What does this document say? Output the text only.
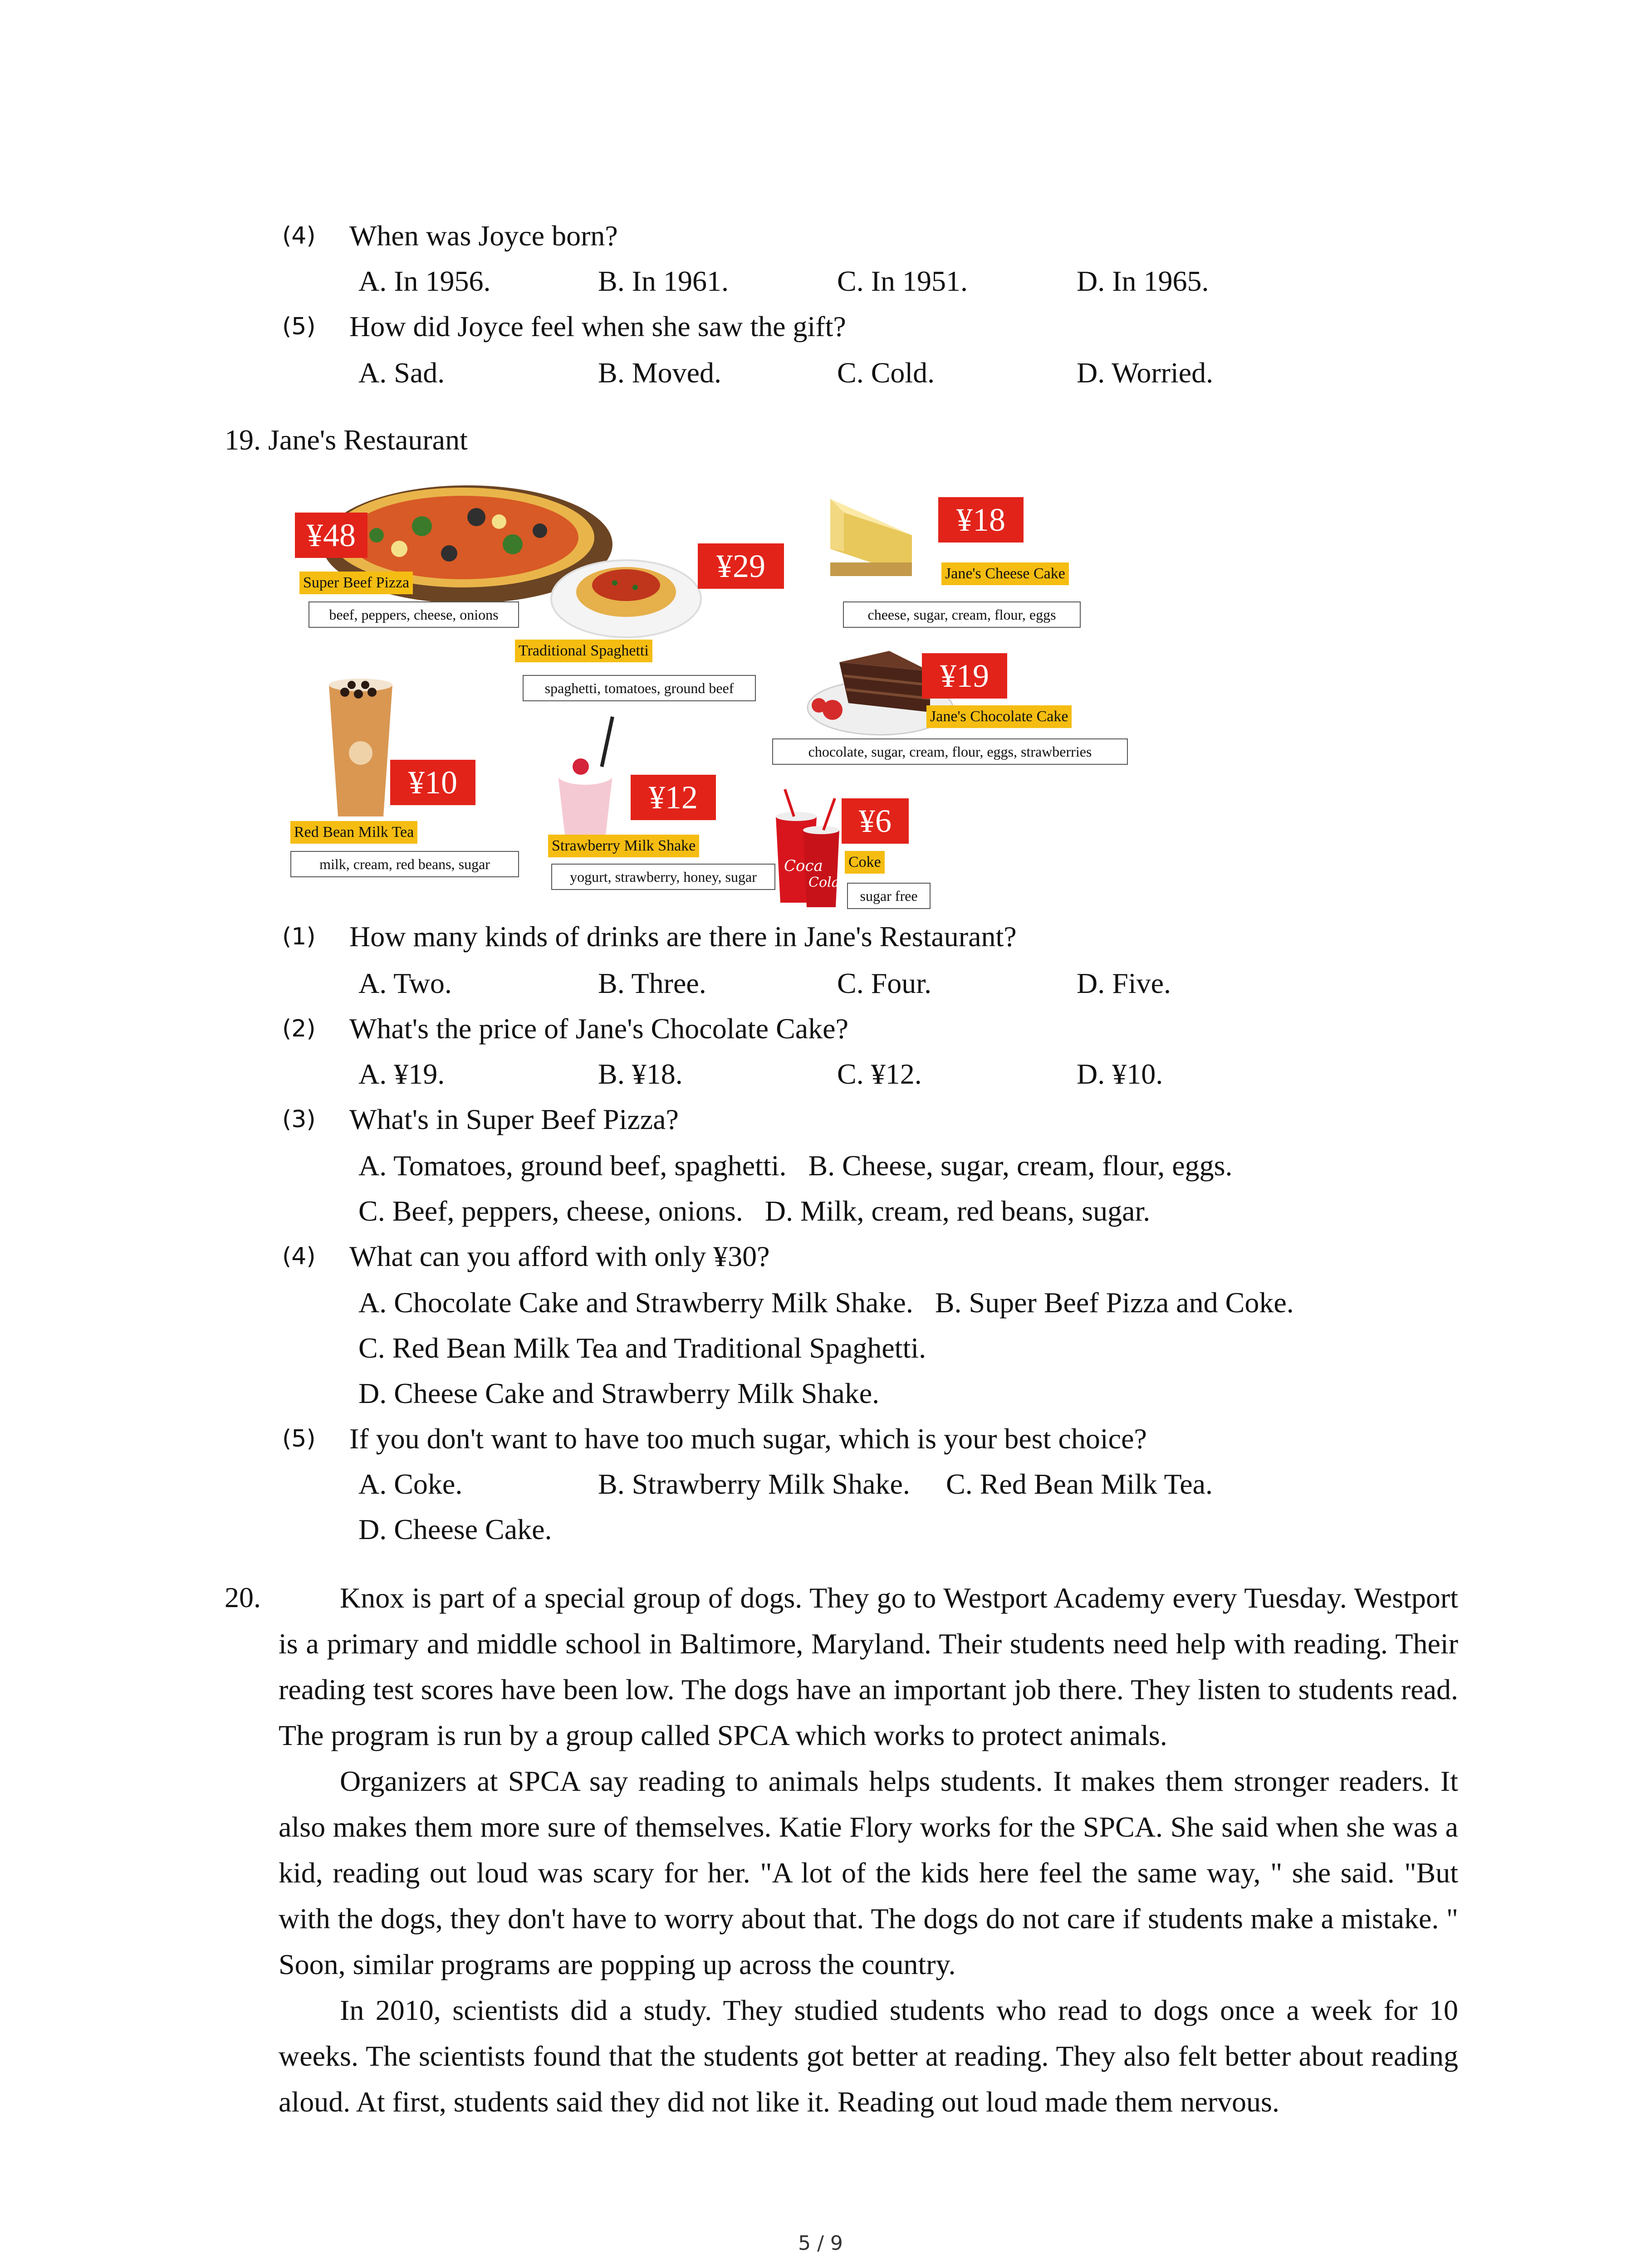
(4) When was Joyce born?
A. In 1956.	B. In 1961.	C. In 1951.	D. In 1965.
(5) How did Joyce feel when she saw the gift?
A. Sad.	B. Moved.	C. Cold.	D. Worried.
19. Jane's Restaurant
Coca
Cola
¥48
Super Beef Pizza
beef, peppers, cheese, onions
¥29
Traditional Spaghetti
spaghetti, tomatoes, ground beef
¥18
Jane's Cheese Cake
cheese, sugar, cream, flour, eggs
¥19
Jane's Chocolate Cake
chocolate, sugar, cream, flour, eggs, strawberries
¥10
Red Bean Milk Tea
milk, cream, red beans, sugar
¥12
Strawberry Milk Shake
yogurt, strawberry, honey, sugar
¥6
Coke
sugar free
(1) How many kinds of drinks are there in Jane's Restaurant?
A. Two.	B. Three.	C. Four.	D. Five.
(2) What's the price of Jane's Chocolate Cake?
A. ¥19.	B. ¥18.	C. ¥12.	D. ¥10.
(3) What's in Super Beef Pizza?
A. Tomatoes, ground beef, spaghetti.   B. Cheese, sugar, cream, flour, eggs.
C. Beef, peppers, cheese, onions.   D. Milk, cream, red beans, sugar.
(4) What can you afford with only ¥30?
A. Chocolate Cake and Strawberry Milk Shake.   B. Super Beef Pizza and Coke.
C. Red Bean Milk Tea and Traditional Spaghetti.
D. Cheese Cake and Strawberry Milk Shake.
(5) If you don't want to have too much sugar, which is your best choice?
A. Coke.	B. Strawberry Milk Shake. C. Red Bean Milk Tea.
D. Cheese Cake.
20.	Knox is part of a special group of dogs. They go to Westport Academy every Tuesday. Westport is a primary and middle school in Baltimore, Maryland. Their students need help with reading. Their reading test scores have been low. The dogs have an important job there. They listen to students read. The program is run by a group called SPCA which works to protect animals.

Organizers at SPCA say reading to animals helps students. It makes them stronger readers. It also makes them more sure of themselves. Katie Flory works for the SPCA. She said when she was a kid, reading out loud was scary for her. "A lot of the kids here feel the same way, " she said. "But with the dogs, they don't have to worry about that. The dogs do not care if students make a mistake. " Soon, similar programs are popping up across the country.

In 2010, scientists did a study. They studied students who read to dogs once a week for 10 weeks. The scientists found that the students got better at reading. They also felt better about reading aloud. At first, students said they did not like it. Reading out loud made them nervous.

5 / 9
